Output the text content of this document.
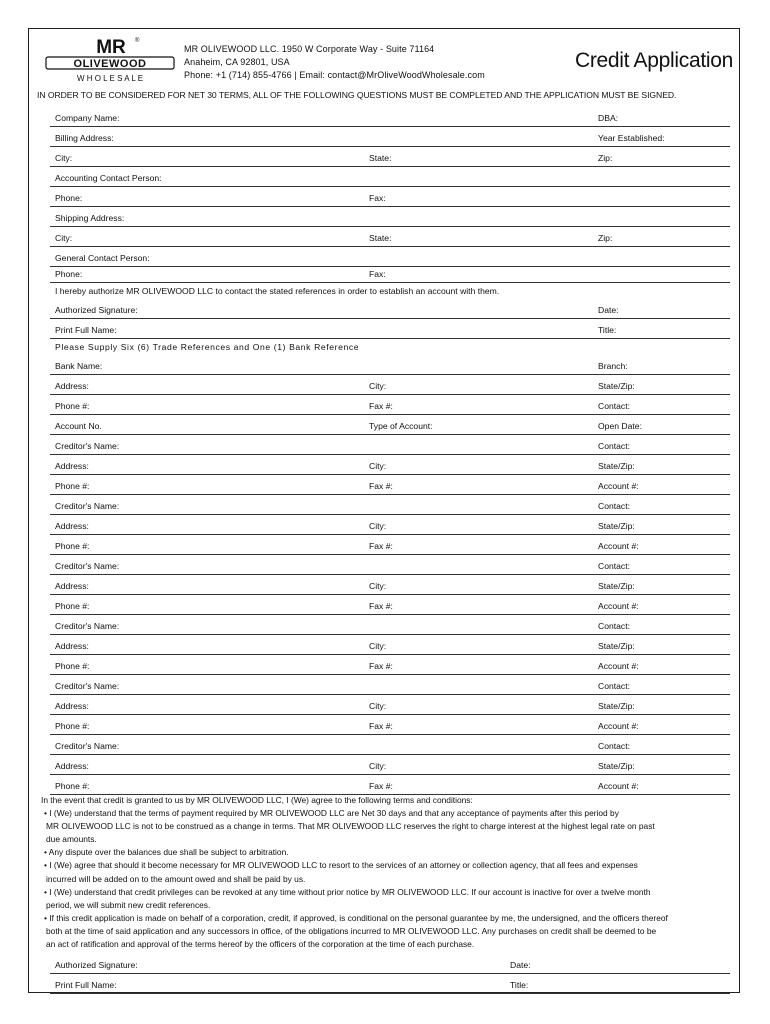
MR ®
OLIVEWOOD
W H O L E S A L E
MR OLIVEWOOD LLC. 1950 W Corporate Way - Suite 71164
Anaheim, CA 92801, USA
Phone: +1 (714) 855-4766 | Email: contact@MrOliveWoodWholesale.com
Credit Application
IN ORDER TO BE CONSIDERED FOR NET 30 TERMS, ALL OF THE FOLLOWING QUESTIONS MUST BE COMPLETED AND THE APPLICATION MUST BE SIGNED.
Company Name:	DBA:
Billing Address:	Year Established:
City:	State:	Zip:
Accounting Contact Person:
Phone:	Fax:
Shipping Address:
City:	State:	Zip:
General Contact Person:
Phone:	Fax:
I hereby authorize MR OLIVEWOOD LLC to contact the stated references in order to establish an account with them.
Authorized Signature:	Date:
Print Full Name:	Title:
Please Supply Six (6) Trade References and One (1) Bank Reference
Bank Name:	Branch:
Address:	City:	State/Zip:
Phone #:	Fax #:	Contact:
Account No.	Type of Account:	Open Date:
Creditor's Name:	Contact:
Address:	City:	State/Zip:
Phone #:	Fax #:	Account #:
Creditor's Name:	Contact:
Address:	City:	State/Zip:
Phone #:	Fax #:	Account #:
Creditor's Name:	Contact:
Address:	City:	State/Zip:
Phone #:	Fax #:	Account #:
Creditor's Name:	Contact:
Address:	City:	State/Zip:
Phone #:	Fax #:	Account #:
Creditor's Name:	Contact:
Address:	City:	State/Zip:
Phone #:	Fax #:	Account #:
Creditor's Name:	Contact:
Address:	City:	State/Zip:
Phone #:	Fax #:	Account #:

In the event that credit is granted to us by MR OLIVEWOOD LLC, I (We) agree to the following terms and conditions:

• I (We) understand that the terms of payment required by MR OLIVEWOOD LLC are Net 30 days and that any acceptance of payments after this period by

MR OLIVEWOOD LLC is not to be construed as a change in terms. That MR OLIVEWOOD LLC reserves the right to charge interest at the highest legal rate on past

due amounts.

• Any dispute over the balances due shall be subject to arbitration.

• I (We) agree that should it become necessary for MR OLIVEWOOD LLC to resort to the services of an attorney or collection agency, that all fees and expenses

incurred will be added on to the amount owed and shall be paid by us.

• I (We) understand that credit privileges can be revoked at any time without prior notice by MR OLIVEWOOD LLC. If our account is inactive for over a twelve month

period, we will submit new credit references.

• If this credit application is made on behalf of a corporation, credit, if approved, is conditional on the personal guarantee by me, the undersigned, and the officers thereof

both at the time of said application and any successors in office, of the obligations incurred to MR OLIVEWOOD LLC. Any purchases on credit shall be deemed to be

an act of ratification and approval of the terms hereof by the officers of the corporation at the time of each purchase.

Authorized Signature:	Date:
Print Full Name:	Title:
